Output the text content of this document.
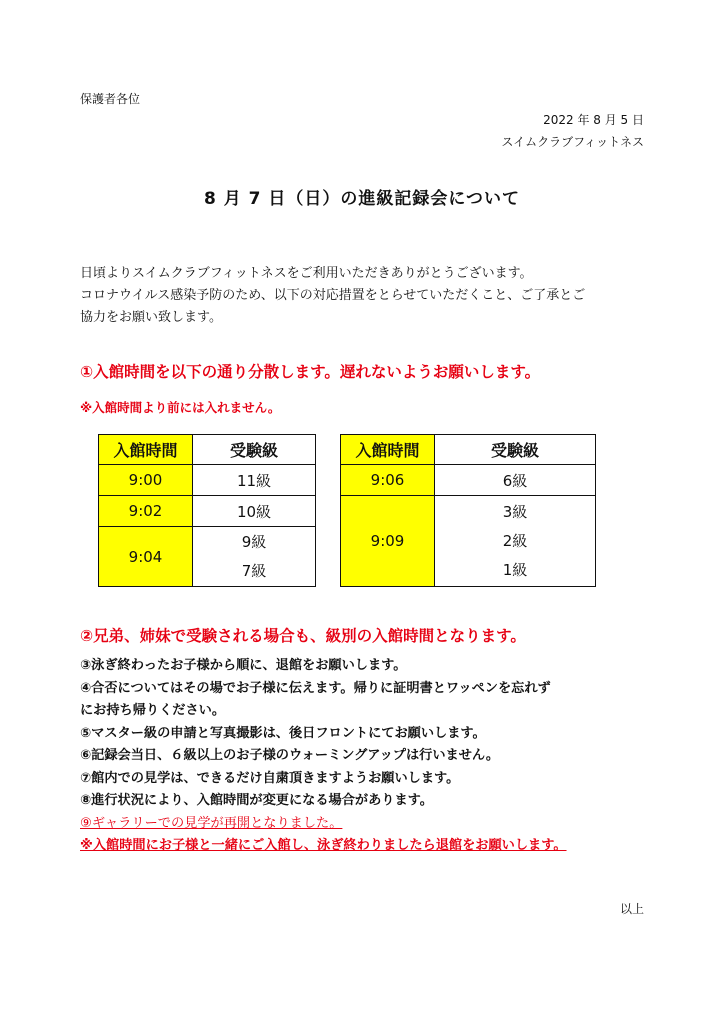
保護者各位
2022 年 8 月 5 日
スイムクラブフィットネス
8 月 7 日（日）の進級記録会について
日頃よりスイムクラブフィットネスをご利用いただきありがとうございます。
コロナウイルス感染予防のため、以下の対応措置をとらせていただくこと、ご了承とご
協力をお願い致します。
①入館時間を以下の通り分散します。遅れないようお願いします。
※入館時間より前には入れません。
入館時間	受験級
9:00	11級
9:02	10級
9:04	9級
7級
入館時間	受験級
9:06	6級
9:09	3級
2級
1級
②兄弟、姉妹で受験される場合も、級別の入館時間となります。
③泳ぎ終わったお子様から順に、退館をお願いします。
④合否についてはその場でお子様に伝えます。帰りに証明書とワッペンを忘れず
にお持ち帰りください。
⑤マスター級の申請と写真撮影は、後日フロントにてお願いします。
⑥記録会当日、６級以上のお子様のウォーミングアップは行いません。
⑦館内での見学は、できるだけ自粛頂きますようお願いします。
⑧進行状況により、入館時間が変更になる場合があります。
⑨ギャラリーでの見学が再開となりました。
※入館時間にお子様と一緒にご入館し、泳ぎ終わりましたら退館をお願いします。
以上
